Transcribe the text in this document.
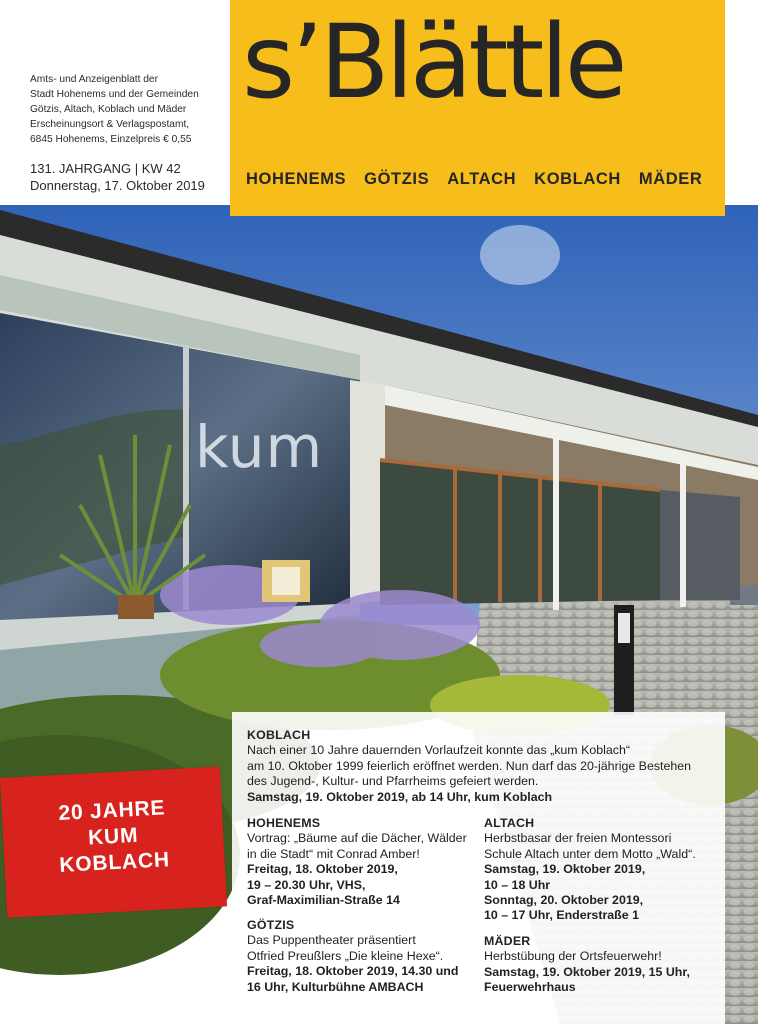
kum
Amts- und Anzeigenblatt der
Stadt Hohenems und der Gemeinden
Götzis, Altach, Koblach und Mäder
Erscheinungsort & Verlagspostamt,
6845 Hohenems, Einzelpreis € 0,55
131. JAHRGANG | KW 42
Donnerstag, 17. Oktober 2019
s’Blättle
HOHENEMS GÖTZIS ALTACH KOBLACH MÄDER
20 JAHRE
KUM
KOBLACH
KOBLACH
Nach einer 10 Jahre dauernden Vorlaufzeit konnte das „kum Koblach“
am 10. Oktober 1999 feierlich eröffnet werden. Nun darf das 20-jährige Bestehen
des Jugend-, Kultur- und Pfarrheims gefeiert werden.
Samstag, 19. Oktober 2019, ab 14 Uhr, kum Koblach
HOHENEMS
Vortrag: „Bäume auf die Dächer, Wälder
in die Stadt“ mit Conrad Amber!
Freitag, 18. Oktober 2019,
19 – 20.30 Uhr, VHS,
Graf-Maximilian-Straße 14
GÖTZIS
Das Puppentheater präsentiert
Otfried Preußlers „Die kleine Hexe“.
Freitag, 18. Oktober 2019, 14.30 und
16 Uhr, Kulturbühne AMBACH
ALTACH
Herbstbasar der freien Montessori
Schule Altach unter dem Motto „Wald“.
Samstag, 19. Oktober 2019,
10 – 18 Uhr
Sonntag, 20. Oktober 2019,
10 – 17 Uhr, Enderstraße 1
MÄDER
Herbstübung der Ortsfeuerwehr!
Samstag, 19. Oktober 2019, 15 Uhr,
Feuerwehrhaus
